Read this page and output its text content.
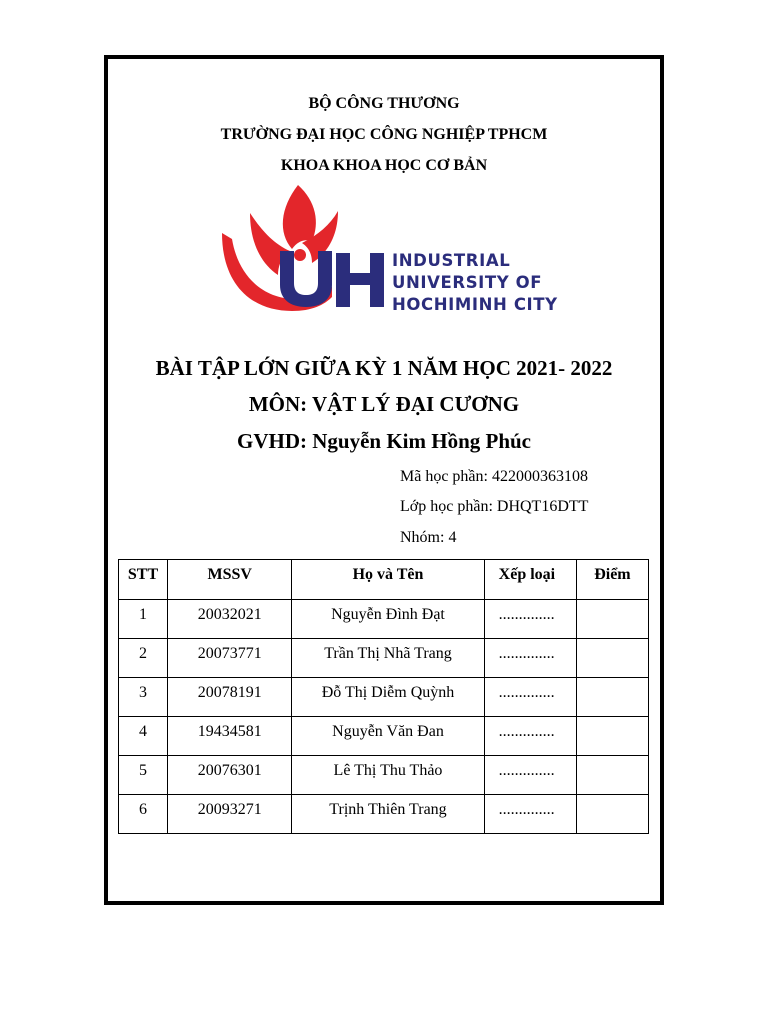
BỘ CÔNG THƯƠNG
TRƯỜNG ĐẠI HỌC CÔNG NGHIỆP TPHCM
KHOA KHOA HỌC CƠ BẢN
INDUSTRIAL
UNIVERSITY OF
HOCHIMINH CITY
BÀI TẬP LỚN GIỮA KỲ 1 NĂM HỌC 2021- 2022
MÔN: VẬT LÝ ĐẠI CƯƠNG
GVHD: Nguyễn Kim Hồng Phúc
Mã học phần: 422000363108
Lớp học phần: DHQT16DTT
Nhóm: 4
STT	MSSV	Họ và Tên	Xếp loại	Điểm
1	20032021	Nguyễn Đình Đạt	..............	
2	20073771	Trần Thị Nhã Trang	..............	
3	20078191	Đỗ Thị Diễm Quỳnh	..............	
4	19434581	Nguyễn Văn Đan	..............	
5	20076301	Lê Thị Thu Thảo	..............	
6	20093271	Trịnh Thiên Trang	..............	
